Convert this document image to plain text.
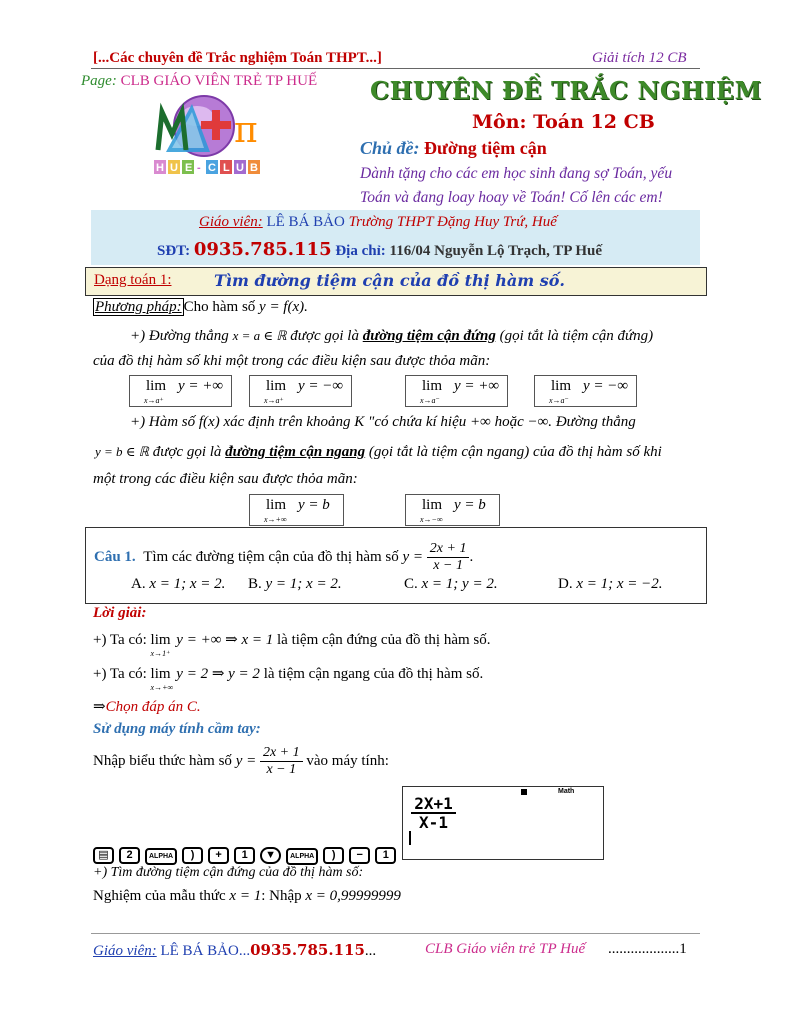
[...Các chuyên đề Trắc nghiệm Toán THPT...]	Giải tích 12 CB
Page: CLB GIÁO VIÊN TRẺ TP HUẾ
π
H U E - C L U B
CHUYÊN ĐỀ TRẮC NGHIỆM
Môn: Toán 12 CB
Chủ đề: Đường tiệm cận
Dành tặng cho các em học sinh đang sợ Toán, yếu
Toán và đang loay hoay về Toán! Cố lên các em!
Giáo viên: LÊ BÁ BẢO Trường THPT Đặng Huy Trứ, Huế
SĐT: 0935.785.115 Địa chỉ: 116/04 Nguyễn Lộ Trạch, TP Huế
Dạng toán 1:	Tìm đường tiệm cận của đồ thị hàm số.
Phương pháp: Cho hàm số y = f(x).
+) Đường thẳng x = a ∈ ℝ được gọi là đường tiệm cận đứng (gọi tắt là tiệm cận đứng)
của đồ thị hàm số khi một trong các điều kiện sau được thỏa mãn:
lim
x→a⁺
y = +∞	lim
x→a⁺
y = −∞	lim
x→a⁻
y = +∞	lim
x→a⁻
y = −∞
+) Hàm số f(x) xác định trên khoảng K "có chứa kí hiệu +∞ hoặc −∞. Đường thẳng
y = b ∈ ℝ được gọi là đường tiệm cận ngang (gọi tắt là tiệm cận ngang) của đồ thị hàm số khi
một trong các điều kiện sau được thỏa mãn:
lim
x→+∞
y = b	lim
x→−∞
y = b
Câu 1. Tìm các đường tiệm cận của đồ thị hàm số $y = \frac{2x + 1}{x - 1}$ .
A. x = 1; x = 2. B. y = 1; x = 2.	C. x = 1; y = 2.	D. x = 1; x = −2.
Lời giải:
+) Ta có: lim
x→1⁺
y = +∞ ⇒ x = 1 là tiệm cận đứng của đồ thị hàm số.
+) Ta có: lim
x→+∞
y = 2 ⇒ y = 2 là tiệm cận ngang của đồ thị hàm số.
⇒Chọn đáp án C.
Sử dụng máy tính cầm tay:
Nhập biểu thức hàm số $y = \frac{2x + 1}{x - 1}$ vào máy tính:
Math
$\frac{2X+1}{X-1}$
▤ 2 ALPHA ) + 1 ▼ ALPHA ) − 1
+) Tìm đường tiệm cận đứng của đồ thị hàm số:
Nghiệm của mẫu thức x = 1: Nhập x = 0,99999999
Giáo viên: LÊ BÁ BẢO...0935.785.115...	CLB Giáo viên trẻ TP Huế ...................1
